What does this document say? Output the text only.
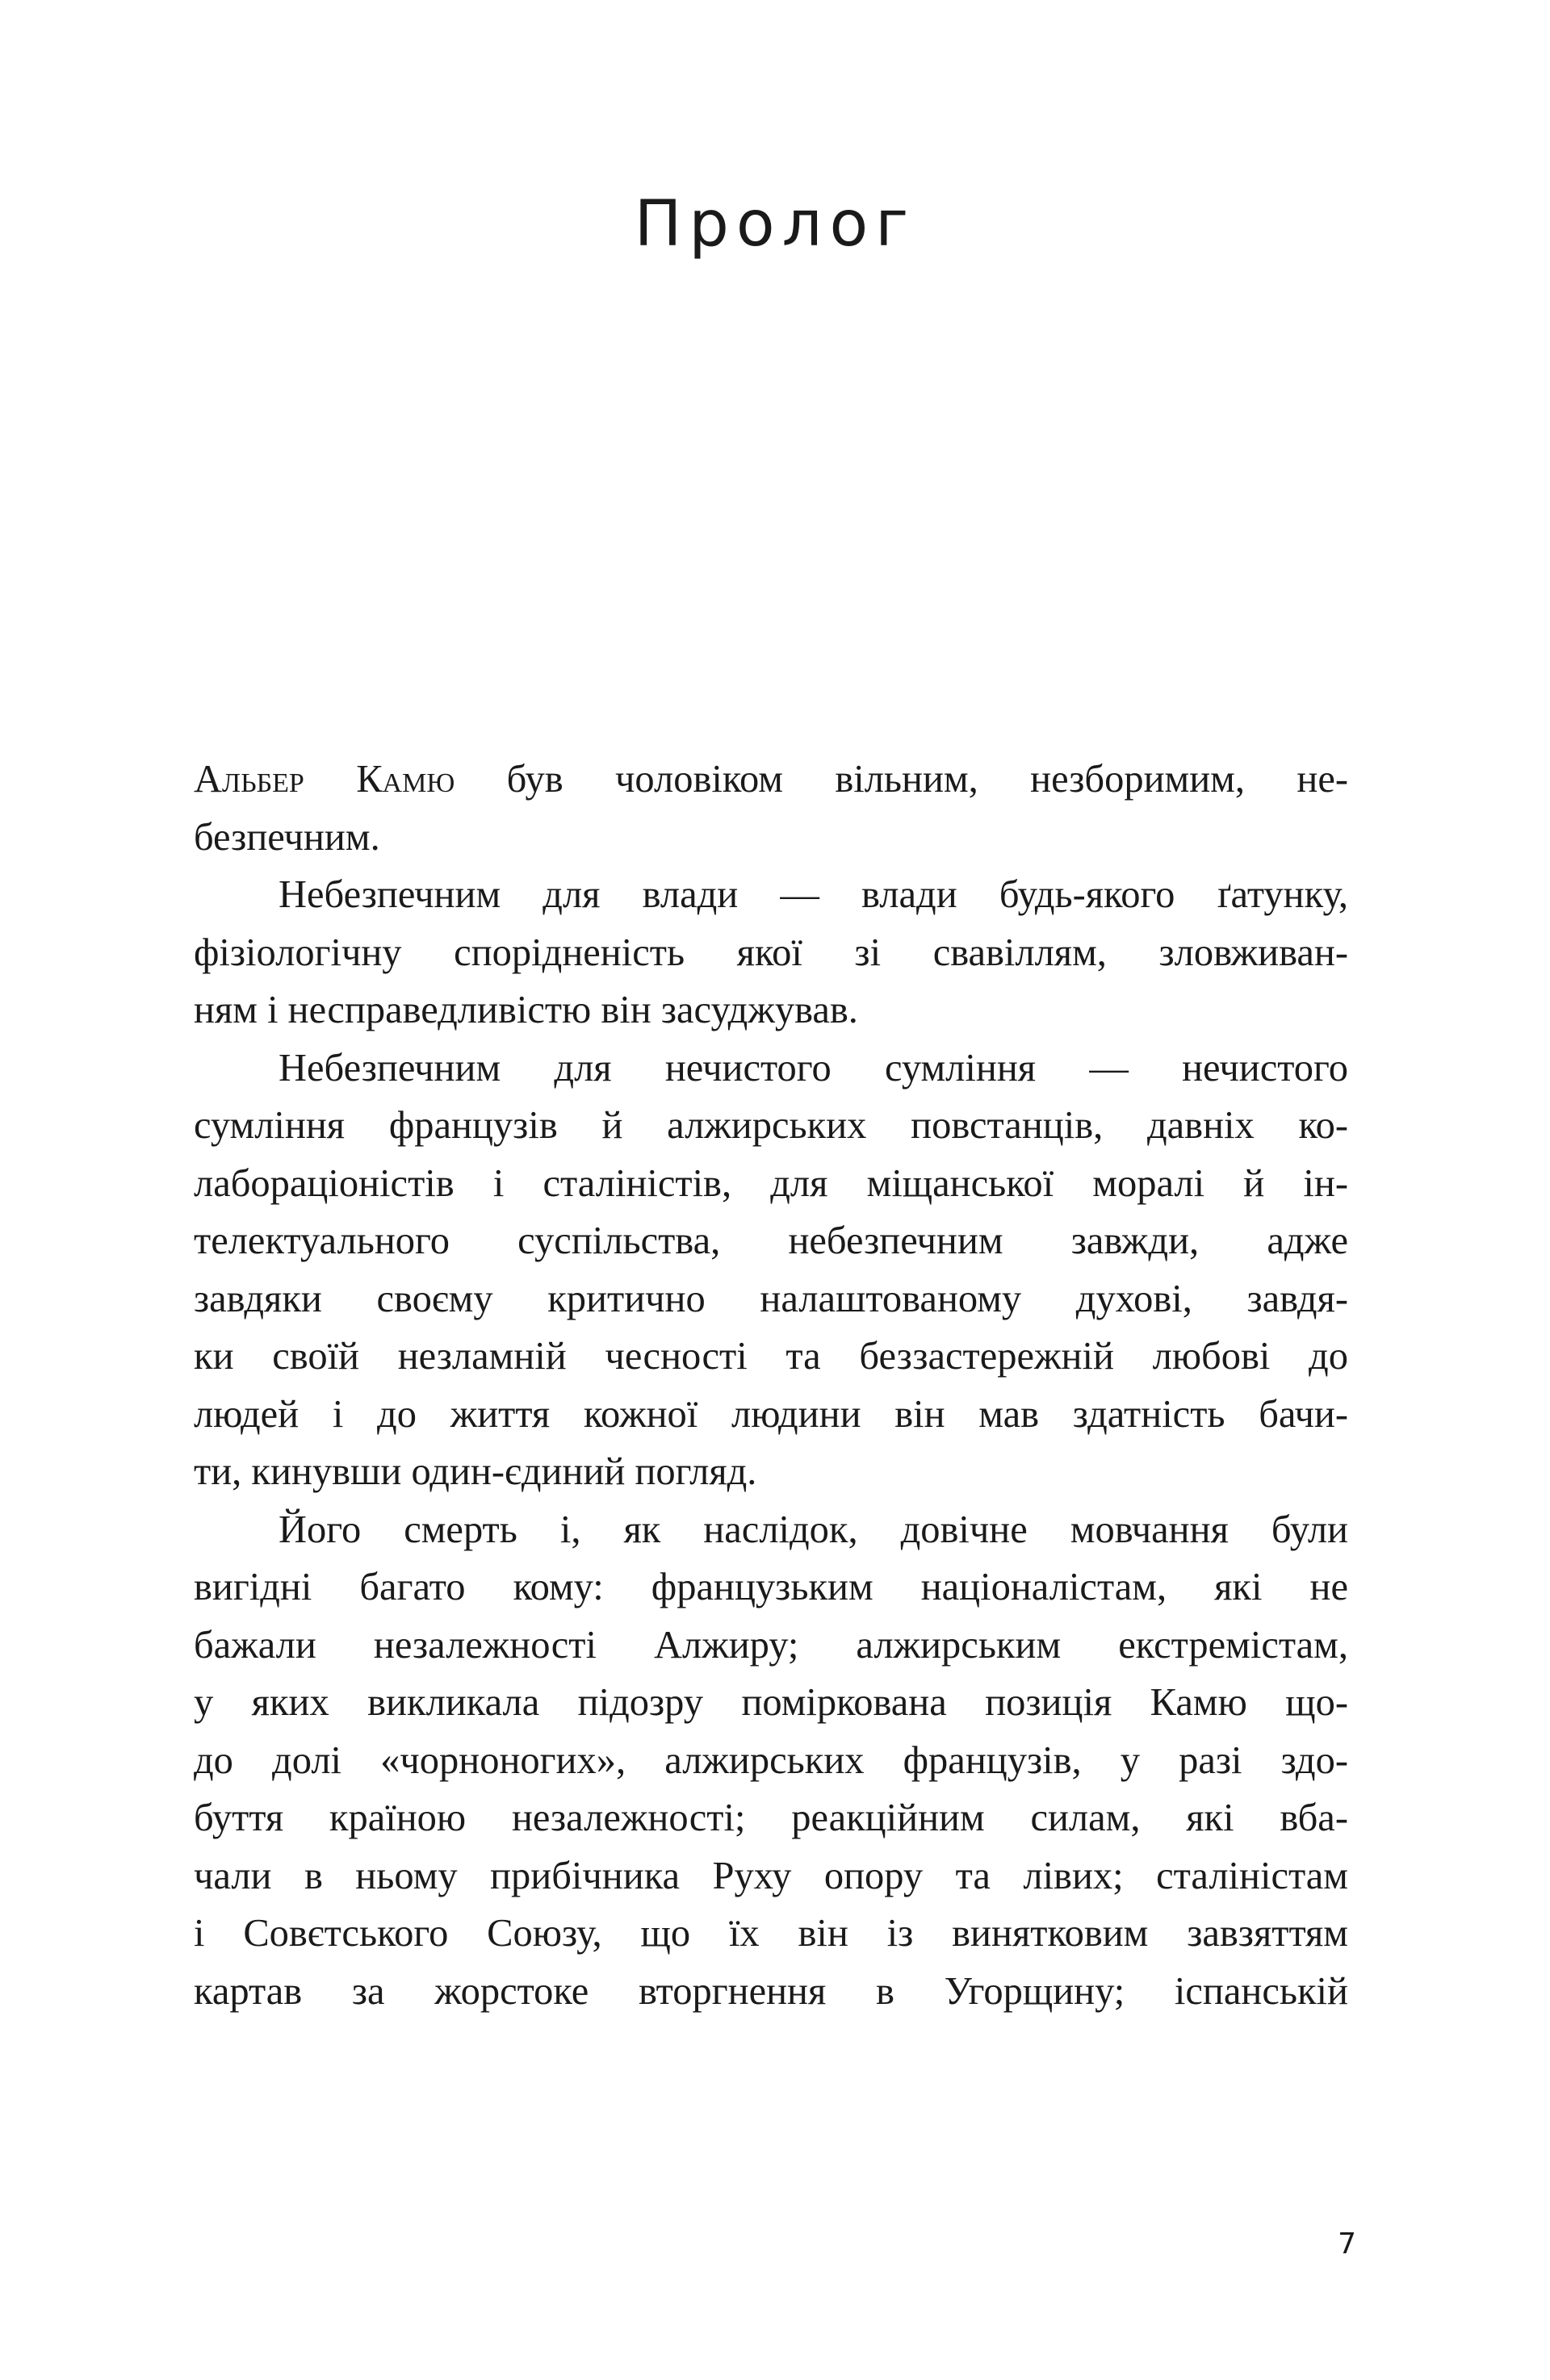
Пролог
Альбер Камю був чоловіком вільним, незборимим, не-
безпечним.
Небезпечним для влади — влади будь-якого ґатунку,
фізіологічну спорідненість якої зі свавіллям, зловживан-
ням і несправедливістю він засуджував.
Небезпечним для нечистого сумління — нечистого
сумління французів й алжирських повстанців, давніх ко-
лабораціоністів і сталіністів, для міщанської моралі й ін-
телектуального суспільства, небезпечним завжди, адже
завдяки своєму критично налаштованому духові, завдя-
ки своїй незламній чесності та беззастережній любові до
людей і до життя кожної людини він мав здатність бачи-
ти, кинувши один-єдиний погляд.
Його смерть і, як наслідок, довічне мовчання були
вигідні багато кому: французьким націоналістам, які не
бажали незалежності Алжиру; алжирським екстремістам,
у яких викликала підозру поміркована позиція Камю що-
до долі «чорноногих», алжирських французів, у разі здо-
буття країною незалежності; реакційним силам, які вба-
чали в ньому прибічника Руху опору та лівих; сталіністам
і Совєтського Союзу, що їх він із винятковим завзяттям
картав за жорстоке вторгнення в Угорщину; іспанській
7
